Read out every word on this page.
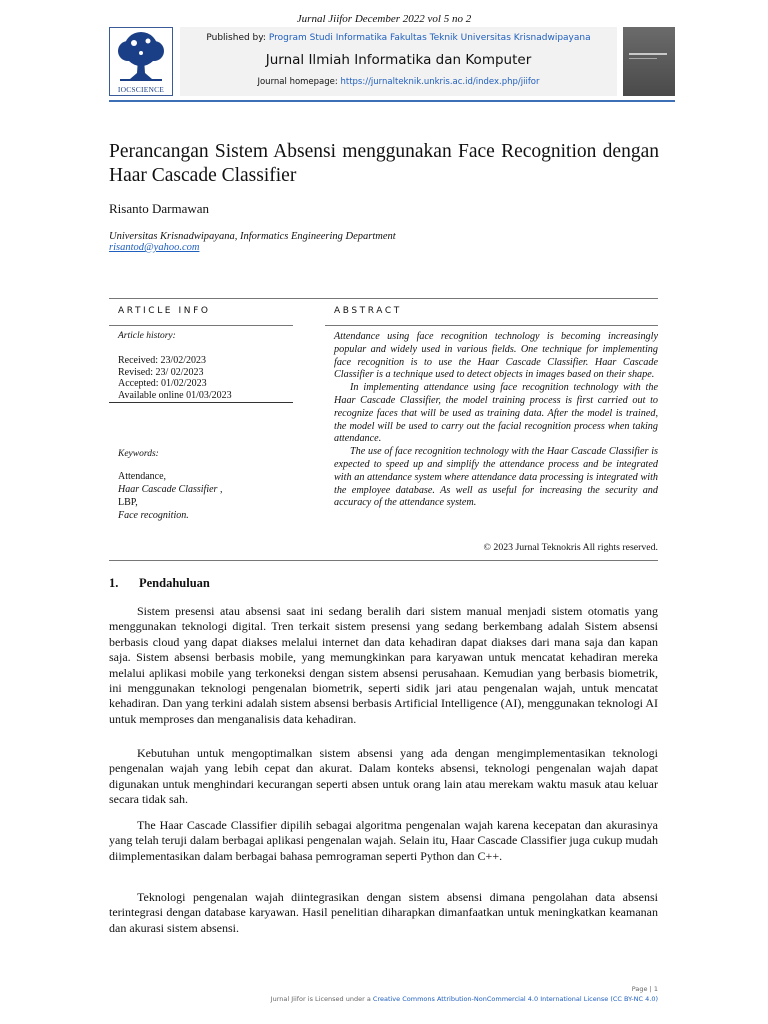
Jurnal Jiifor December 2022 vol 5 no 2
IOCSCIENCE
Published by: Program Studi Informatika Fakultas Teknik Universitas Krisnadwipayana
Jurnal Ilmiah Informatika dan Komputer
Journal homepage: https://jurnalteknik.unkris.ac.id/index.php/jiifor
Perancangan Sistem Absensi menggunakan Face Recognition dengan Haar Cascade Classifier
Risanto Darmawan
Universitas Krisnadwipayana, Informatics Engineering Department
risantod@yahoo.com
ARTICLE INFO	ABSTRACT
Article history:
Received: 23/02/2023
Revised: 23/ 02/2023
Accepted: 01/02/2023
Available online 01/03/2023
Keywords:
Attendance,
Haar Cascade Classifier ,
LBP,
Face recognition.

Attendance using face recognition technology is becoming increasingly popular and widely used in various fields. One technique for implementing face recognition is to use the Haar Cascade Classifier. Haar Cascade Classifier is a technique used to detect objects in images based on their shape.

In implementing attendance using face recognition technology with the Haar Cascade Classifier, the model training process is first carried out to recognize faces that will be used as training data. After the model is trained, the model will be used to carry out the facial recognition process when taking attendance.

The use of face recognition technology with the Haar Cascade Classifier is expected to speed up and simplify the attendance process and be integrated with an attendance system where attendance data processing is integrated with the employee database. As well as useful for increasing the security and accuracy of the attendance system.

© 2023 Jurnal Teknokris All rights reserved.
1. Pendahuluan

Sistem presensi atau absensi saat ini sedang beralih dari sistem manual menjadi sistem otomatis yang menggunakan teknologi digital. Tren terkait sistem presensi yang sedang berkembang adalah Sistem absensi berbasis cloud yang dapat diakses melalui internet dan data kehadiran dapat diakses dari mana saja dan kapan saja. Sistem absensi berbasis mobile, yang memungkinkan para karyawan untuk mencatat kehadiran mereka melalui aplikasi mobile yang terkoneksi dengan sistem absensi perusahaan. Kemudian yang berbasis biometrik, ini menggunakan teknologi pengenalan biometrik, seperti sidik jari atau pengenalan wajah, untuk mencatat kehadiran. Dan yang terkini adalah sistem absensi berbasis Artificial Intelligence (AI), menggunakan teknologi AI untuk memproses dan menganalisis data kehadiran.

Kebutuhan untuk mengoptimalkan sistem absensi yang ada dengan mengimplementasikan teknologi pengenalan wajah yang lebih cepat dan akurat. Dalam konteks absensi, teknologi pengenalan wajah dapat digunakan untuk menghindari kecurangan seperti absen untuk orang lain atau merekam waktu masuk atau keluar secara tidak sah.

The Haar Cascade Classifier dipilih sebagai algoritma pengenalan wajah karena kecepatan dan akurasinya yang telah teruji dalam berbagai aplikasi pengenalan wajah. Selain itu, Haar Cascade Classifier juga cukup mudah diimplementasikan dalam berbagai bahasa pemrograman seperti Python dan C++.

Teknologi pengenalan wajah diintegrasikan dengan sistem absensi dimana pengolahan data absensi terintegrasi dengan database karyawan. Hasil penelitian diharapkan dimanfaatkan untuk meningkatkan keamanan dan akurasi sistem absensi.

Page | 1
Jurnal Jiifor is Licensed under a Creative Commons Attribution-NonCommercial 4.0 International License (CC BY-NC 4.0)
